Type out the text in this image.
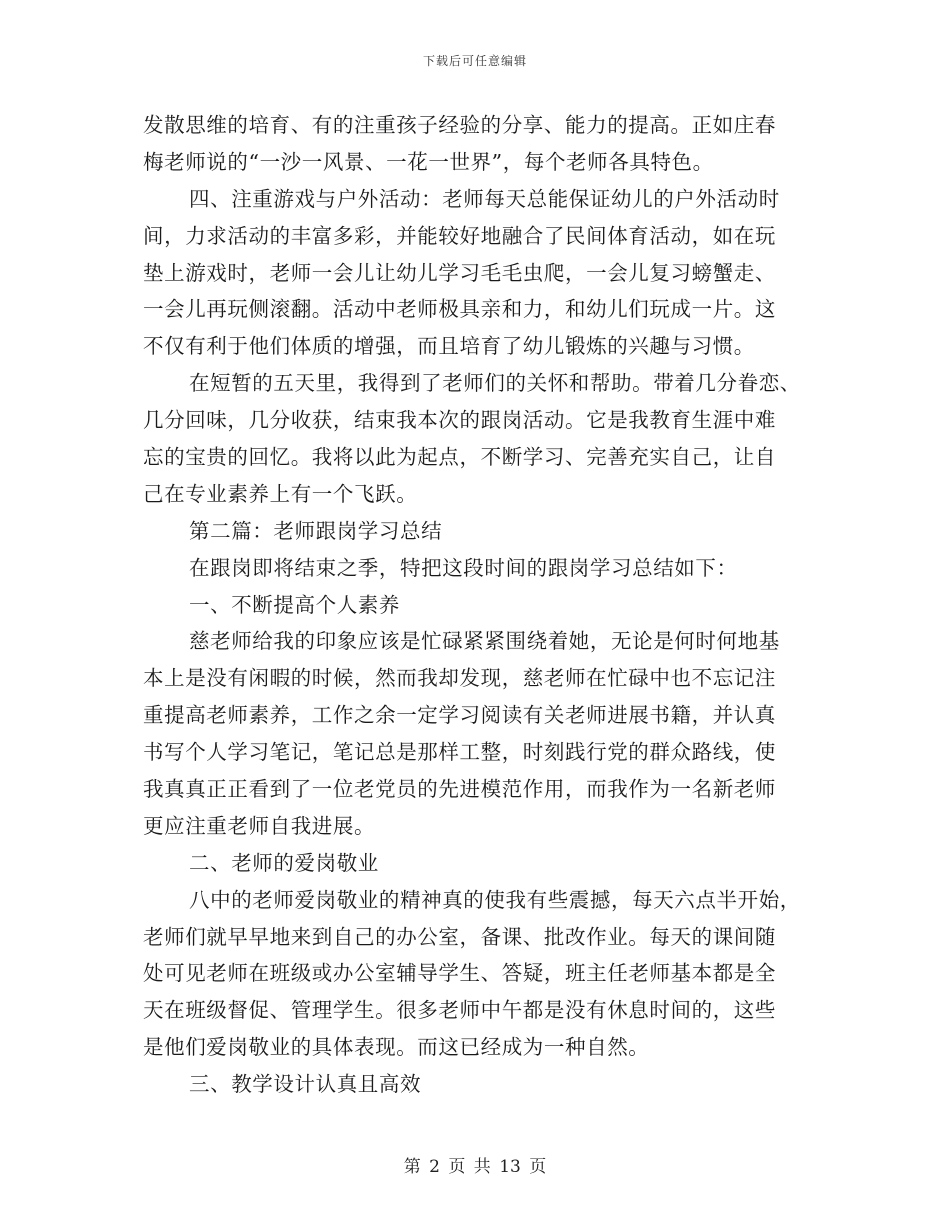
下载后可任意编辑
发散思维的培育、有的注重孩子经验的分享、能力的提高。正如庄春
梅老师说的“一沙一风景、一花一世界”，每个老师各具特色。
四、注重游戏与户外活动：老师每天总能保证幼儿的户外活动时
间，力求活动的丰富多彩，并能较好地融合了民间体育活动，如在玩
垫上游戏时，老师一会儿让幼儿学习毛毛虫爬，一会儿复习螃蟹走、
一会儿再玩侧滚翻。活动中老师极具亲和力，和幼儿们玩成一片。这
不仅有利于他们体质的增强，而且培育了幼儿锻炼的兴趣与习惯。
在短暂的五天里，我得到了老师们的关怀和帮助。带着几分眷恋、
几分回味，几分收获，结束我本次的跟岗活动。它是我教育生涯中难
忘的宝贵的回忆。我将以此为起点，不断学习、完善充实自己，让自
己在专业素养上有一个飞跃。
第二篇：老师跟岗学习总结
在跟岗即将结束之季，特把这段时间的跟岗学习总结如下：
一、不断提高个人素养
慈老师给我的印象应该是忙碌紧紧围绕着她，无论是何时何地基
本上是没有闲暇的时候，然而我却发现，慈老师在忙碌中也不忘记注
重提高老师素养，工作之余一定学习阅读有关老师进展书籍，并认真
书写个人学习笔记，笔记总是那样工整，时刻践行党的群众路线，使
我真真正正看到了一位老党员的先进模范作用，而我作为一名新老师
更应注重老师自我进展。
二、老师的爱岗敬业
八中的老师爱岗敬业的精神真的使我有些震撼，每天六点半开始，
老师们就早早地来到自己的办公室，备课、批改作业。每天的课间随
处可见老师在班级或办公室辅导学生、答疑，班主任老师基本都是全
天在班级督促、管理学生。很多老师中午都是没有休息时间的，这些
是他们爱岗敬业的具体表现。而这已经成为一种自然。
三、教学设计认真且高效
第 2 页 共 13 页
